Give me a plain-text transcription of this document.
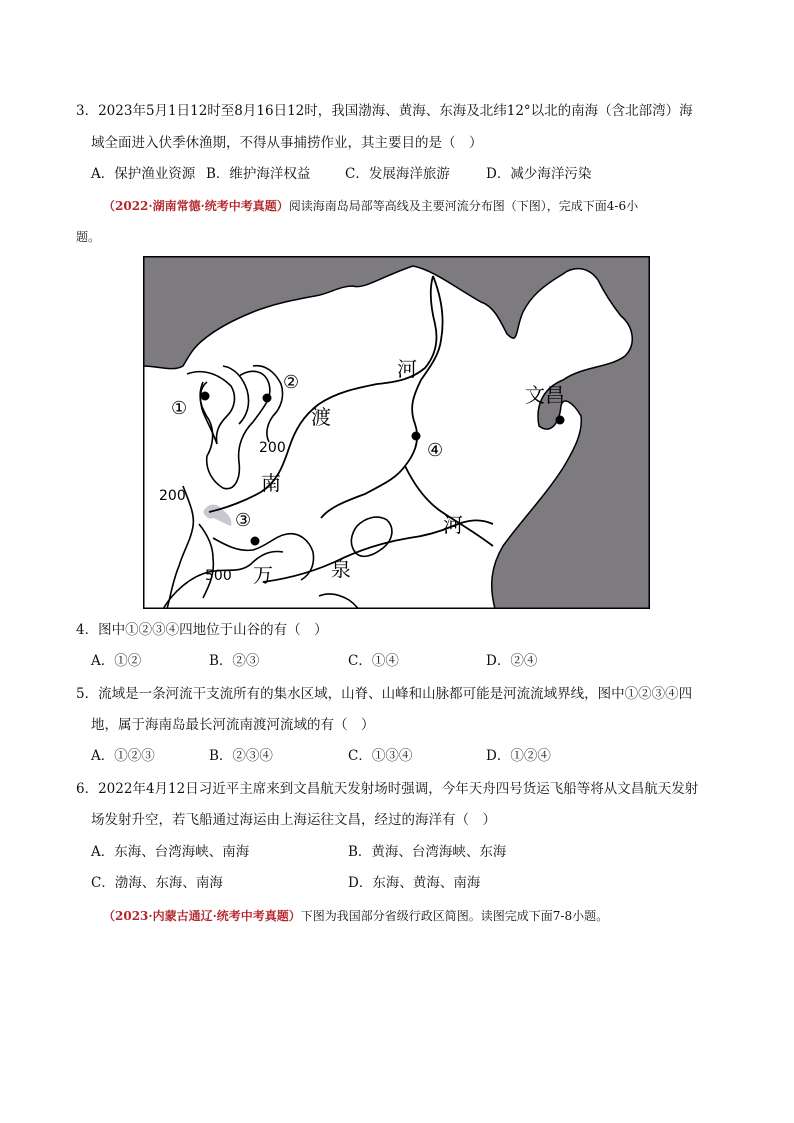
3．2023年5月1日12时至8月16日12时，我国渤海、黄海、东海及北纬12°以北的南海（含北部湾）海
域全面进入伏季休渔期，不得从事捕捞作业，其主要目的是（　）
A．保护渔业资源 B．维护海洋权益	C．发展海洋旅游	D．减少海洋污染
（2022·湖南常德·统考中考真题）阅读海南岛局部等高线及主要河流分布图（下图），完成下面4-6小
题。
①
②
③
④
河
渡
南
万	泉
河
文昌
200
200
500
4．图中①②③④四地位于山谷的有（　）
A．①②	B．②③	C．①④	D．②④
5．流域是一条河流干支流所有的集水区域，山脊、山峰和山脉都可能是河流流域界线，图中①②③④四
地，属于海南岛最长河流南渡河流域的有（　）
A．①②③	B．②③④	C．①③④	D．①②④
6．2022年4月12日习近平主席来到文昌航天发射场时强调，今年天舟四号货运飞船等将从文昌航天发射
场发射升空，若飞船通过海运由上海运往文昌，经过的海洋有（　）
A．东海、台湾海峡、南海	B．黄海、台湾海峡、东海
C．渤海、东海、南海	D．东海、黄海、南海
（2023·内蒙古通辽·统考中考真题）下图为我国部分省级行政区简图。读图完成下面7-8小题。
